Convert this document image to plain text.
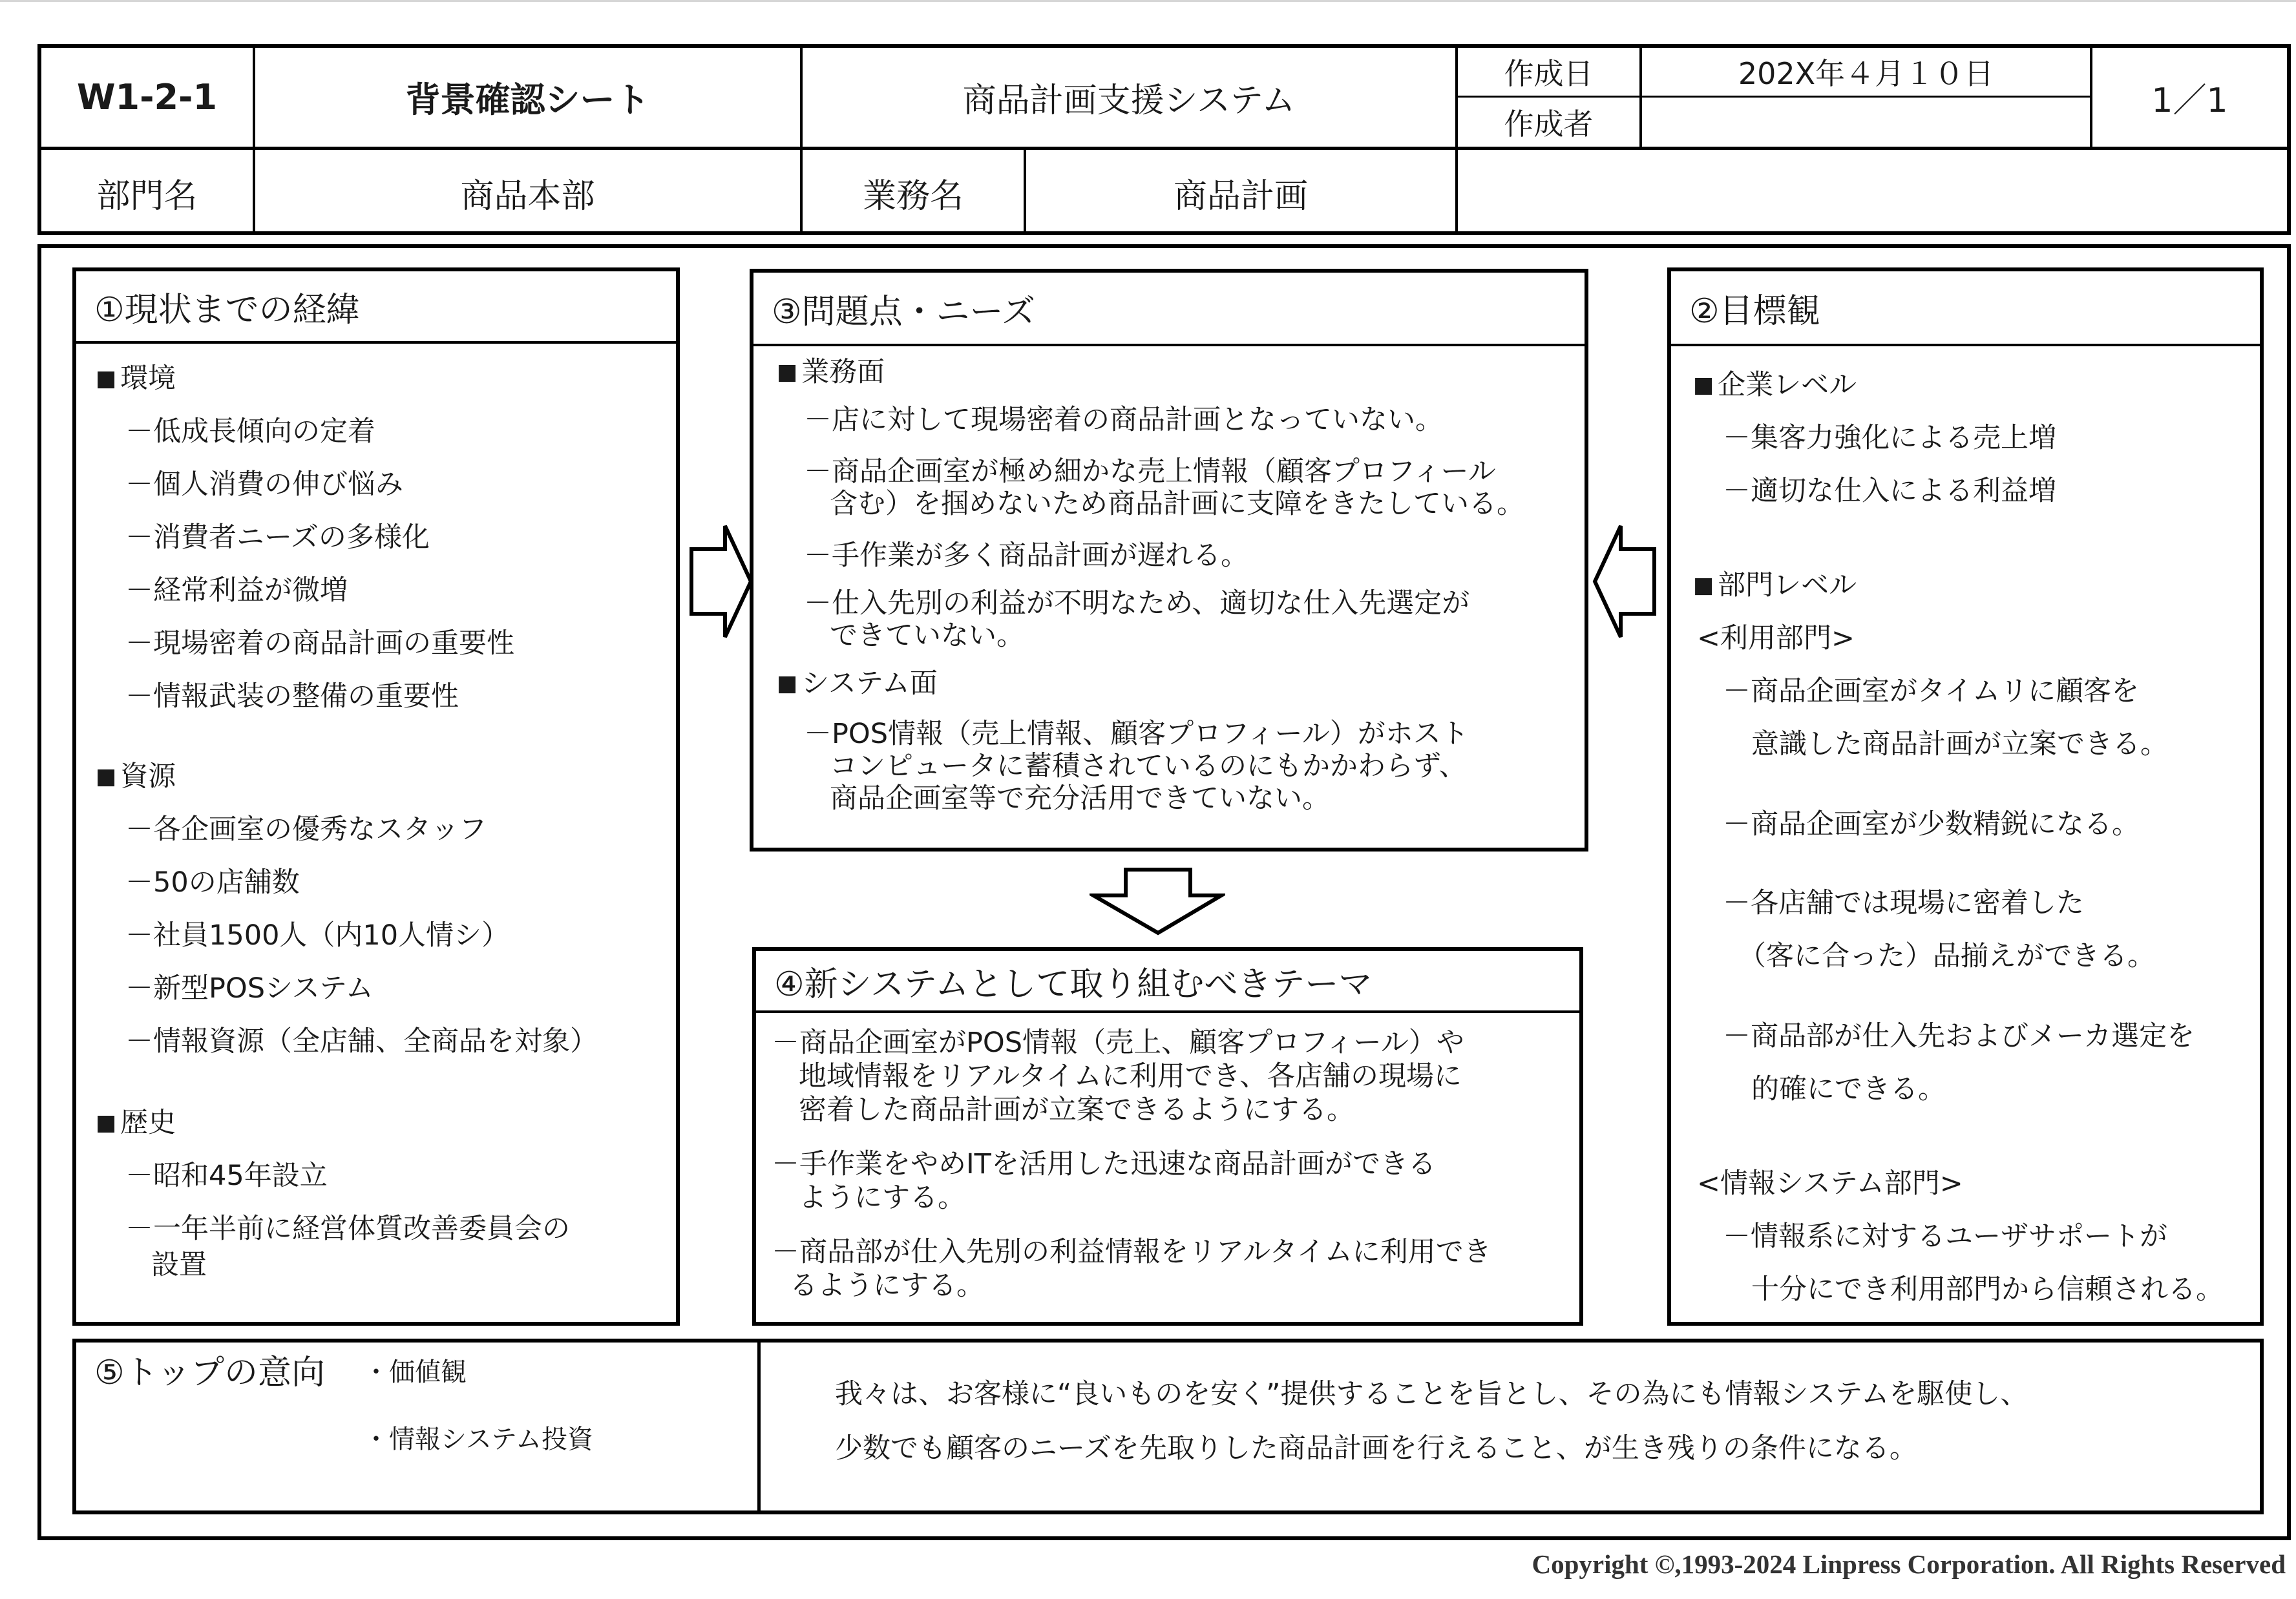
W1-2-1	背景確認シート	商品計画支援システム
作成日	202X年４月１０日
作成者
1／1
部門名	商品本部	業務名	商品計画
①現状までの経緯
■ 環境
－低成長傾向の定着
－個人消費の伸び悩み
－消費者ニーズの多様化
－経常利益が微増
－現場密着の商品計画の重要性
－情報武装の整備の重要性
■ 資源
－各企画室の優秀なスタッフ
－50の店舗数
－社員1500人（内10人情シ）
－新型POSシステム
－情報資源（全店舗、全商品を対象）
■ 歴史
－昭和45年設立
－一年半前に経営体質改善委員会の
設置
③問題点・ニーズ
■ 業務面
－店に対して現場密着の商品計画となっていない。
－商品企画室が極め細かな売上情報（顧客プロフィール
含む）を掴めないため商品計画に支障をきたしている。
－手作業が多く商品計画が遅れる。
－仕入先別の利益が不明なため、適切な仕入先選定が
できていない。
■ システム面
－POS情報（売上情報、顧客プロフィール）がホスト
コンピュータに蓄積されているのにもかかわらず、
商品企画室等で充分活用できていない。
②目標観
■ 企業レベル
－集客力強化による売上増
－適切な仕入による利益増
■ 部門レベル
<利用部門>
－商品企画室がタイムリに顧客を
意識した商品計画が立案できる。
－商品企画室が少数精鋭になる。
－各店舗では現場に密着した
（客に合った）品揃えができる。
－商品部が仕入先およびメーカ選定を
的確にできる。
<情報システム部門>
－情報系に対するユーザサポートが
十分にでき利用部門から信頼される。
④新システムとして取り組むべきテーマ
－商品企画室がPOS情報（売上、顧客プロフィール）や
地域情報をリアルタイムに利用でき、各店舗の現場に
密着した商品計画が立案できるようにする。
－手作業をやめITを活用した迅速な商品計画ができる
ようにする。
－商品部が仕入先別の利益情報をリアルタイムに利用でき
るようにする。
⑤トップの意向 ・価値観
・情報システム投資
我々は、お客様に“良いものを安く”提供することを旨とし、その為にも情報システムを駆使し、
少数でも顧客のニーズを先取りした商品計画を行えること、が生き残りの条件になる。
Copyright ©,1993-2024 Linpress Corporation. All Rights Reserved
